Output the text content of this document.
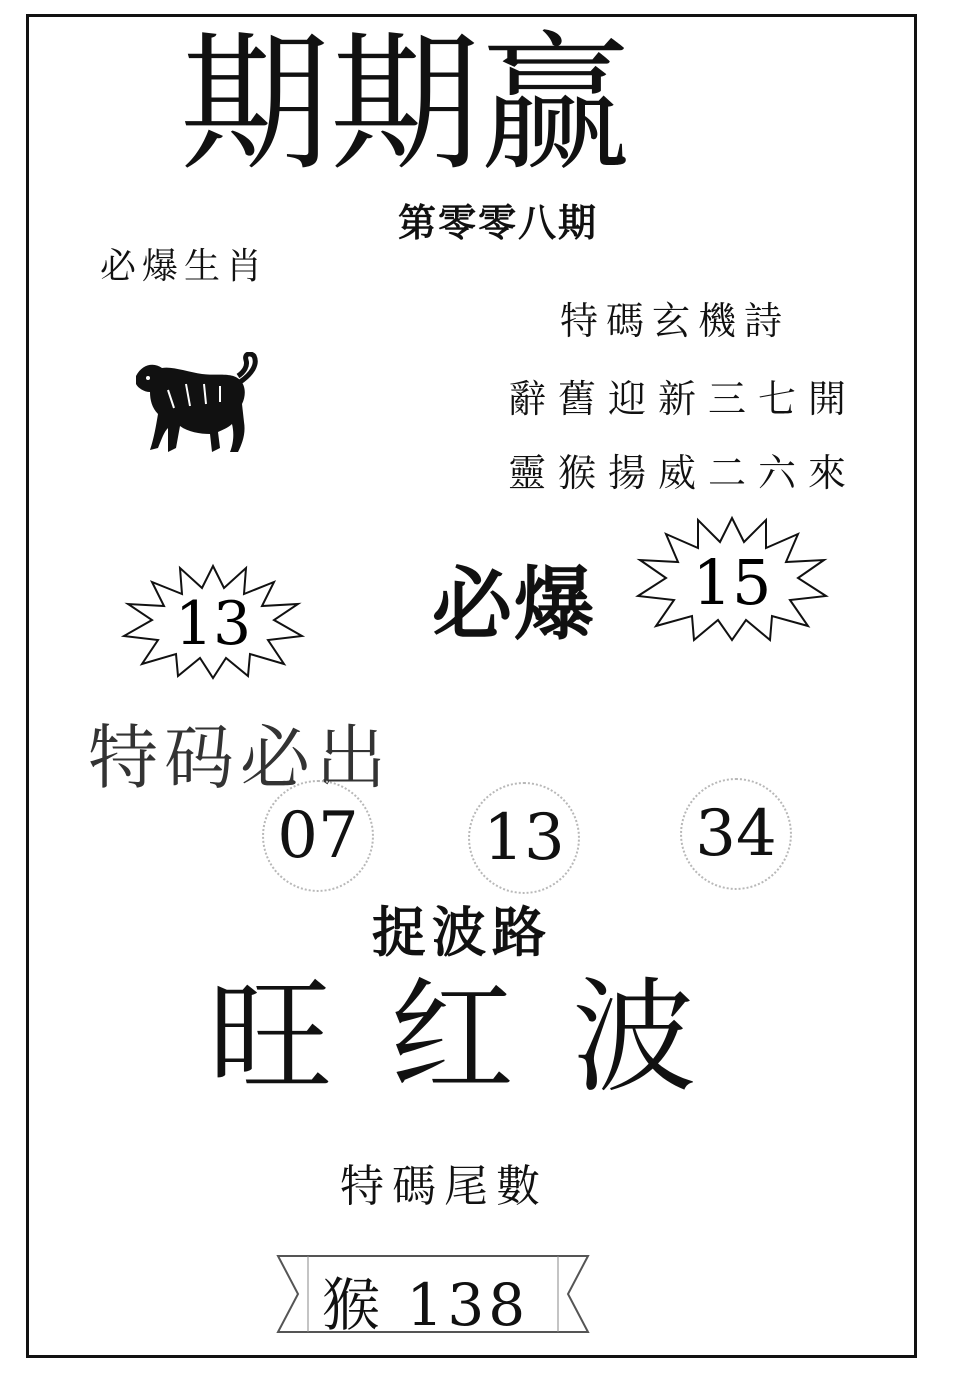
期期赢
第零零八期
必爆生肖
特碼玄機詩
辭舊迎新三七開
靈猴揚威二六來
13 必爆 15
特码必出
07 13 34
捉波路
旺红波
特碼尾數
猴 138
